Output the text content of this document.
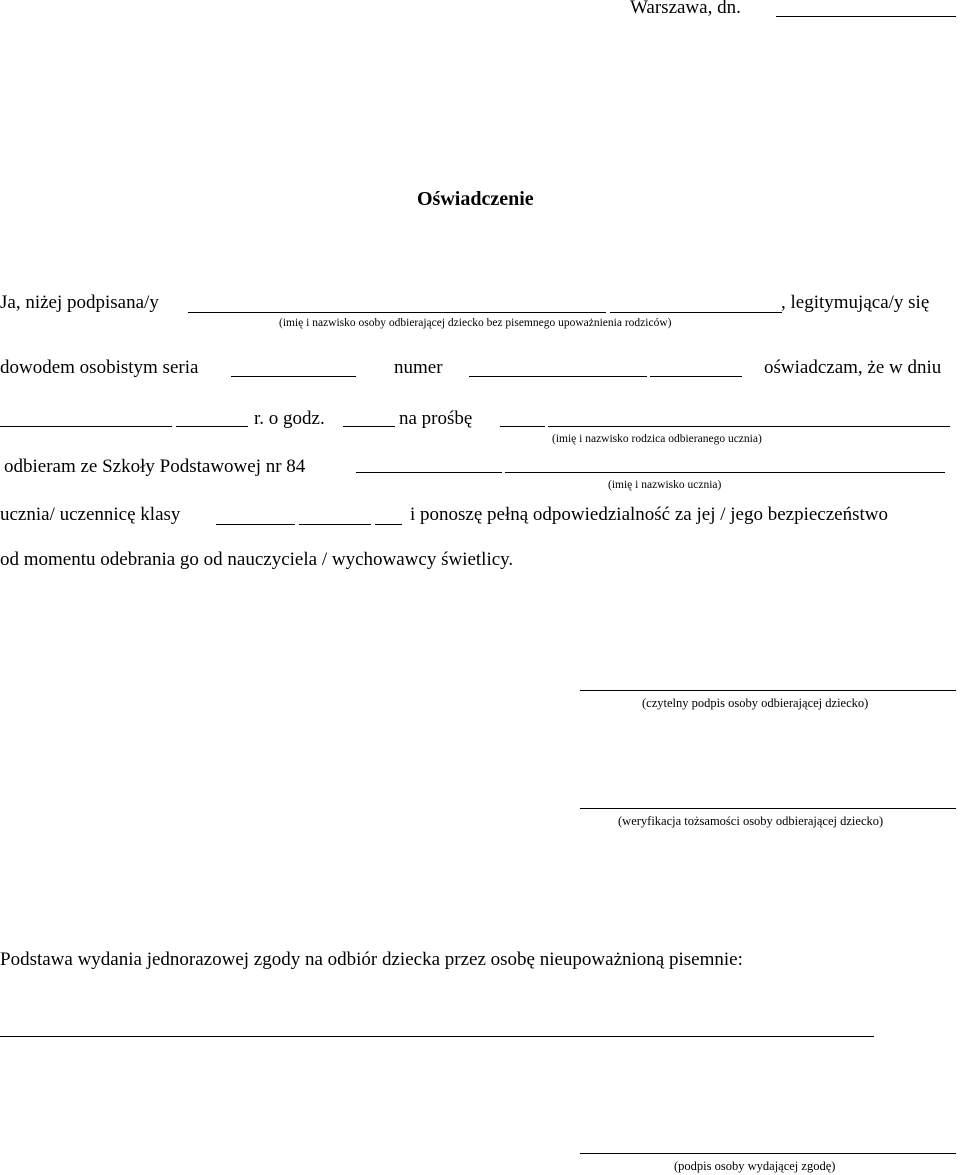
Warszawa, dn.
Oświadczenie
Ja, niżej podpisana/y	, legitymująca/y się
(imię i nazwisko osoby odbierającej dziecko bez pisemnego upoważnienia rodziców)
dowodem osobistym seria	numer	oświadczam, że w dniu
r. o godz.	na prośbę
(imię i nazwisko rodzica odbieranego ucznia)
odbieram ze Szkoły Podstawowej nr 84
(imię i nazwisko ucznia)
ucznia/ uczennicę klasy	i ponoszę pełną odpowiedzialność za jej / jego bezpieczeństwo
od momentu odebrania go od nauczyciela / wychowawcy świetlicy.
(czytelny podpis osoby odbierającej dziecko)
(weryfikacja tożsamości osoby odbierającej dziecko)
Podstawa wydania jednorazowej zgody na odbiór dziecka przez osobę nieupoważnioną pisemnie:
(podpis osoby wydającej zgodę)
